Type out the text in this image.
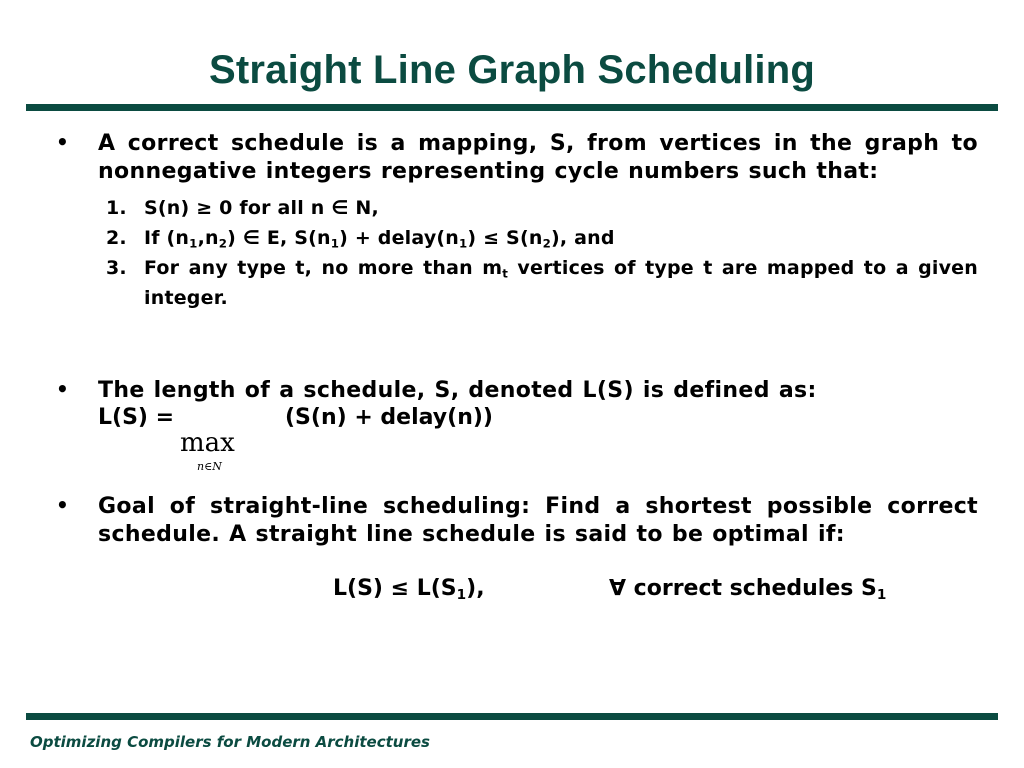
Straight Line Graph Scheduling
• A correct schedule is a mapping, S, from vertices in the graph to nonnegative integers representing cycle numbers such that:
1. S(n) ≥ 0 for all n ∈ N,
2. If $(n_1,n_2)$ ∈ E, $S(n_1)$ + $delay(n_1) \le S(n_2)$, and
3. For any type t, no more than $m_t$ vertices of type t are mapped to a given integer.
• The length of a schedule, S, denoted L(S) is defined as:
L(S) =	(S(n) + delay(n))
max
n∈N
• Goal of straight-line scheduling: Find a shortest possible correct schedule. A straight line schedule is said to be optimal if:
$L(S) \le L(S_1)$,	∀ correct schedules $S_1$
Optimizing Compilers for Modern Architectures
